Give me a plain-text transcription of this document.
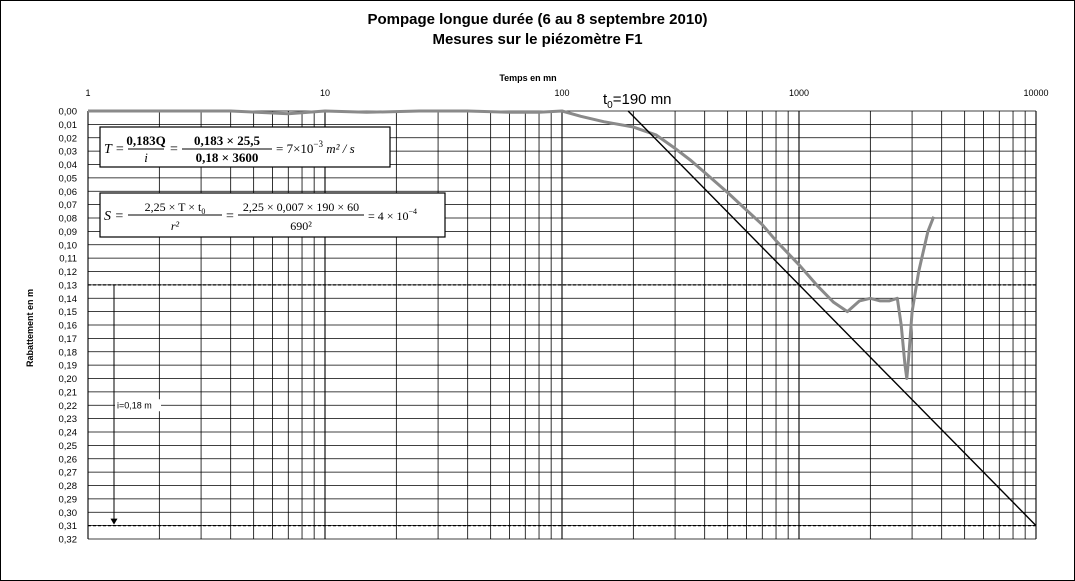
Pompage longue durée (6 au 8 septembre 2010)
Mesures sur le piézomètre F1
1	10	100	1000	10000
0,00
0,01
0,02
0,03
0,04
0,05
0,06
0,07
0,08
0,09
0,10
0,11
0,12
0,13
0,14
0,15
0,16
0,17
0,18
0,19
0,20
0,21
0,22
0,23
0,24
0,25
0,26
0,27
0,28
0,29
0,30
0,31
0,32
Temps en mn
Rabattement en m
i=0,18 m
$t_0=190$ mn
T =
0,183Q
i
=
0,183 × 25,5
0,18 × 3600
= $7\times 10^{-3}$ m² / s
S =
$2,25 \times T \times t_0$
r²
=
2,25 × 0,007 × 190 × 60
690²
= $4 \times 10^{-4}$
